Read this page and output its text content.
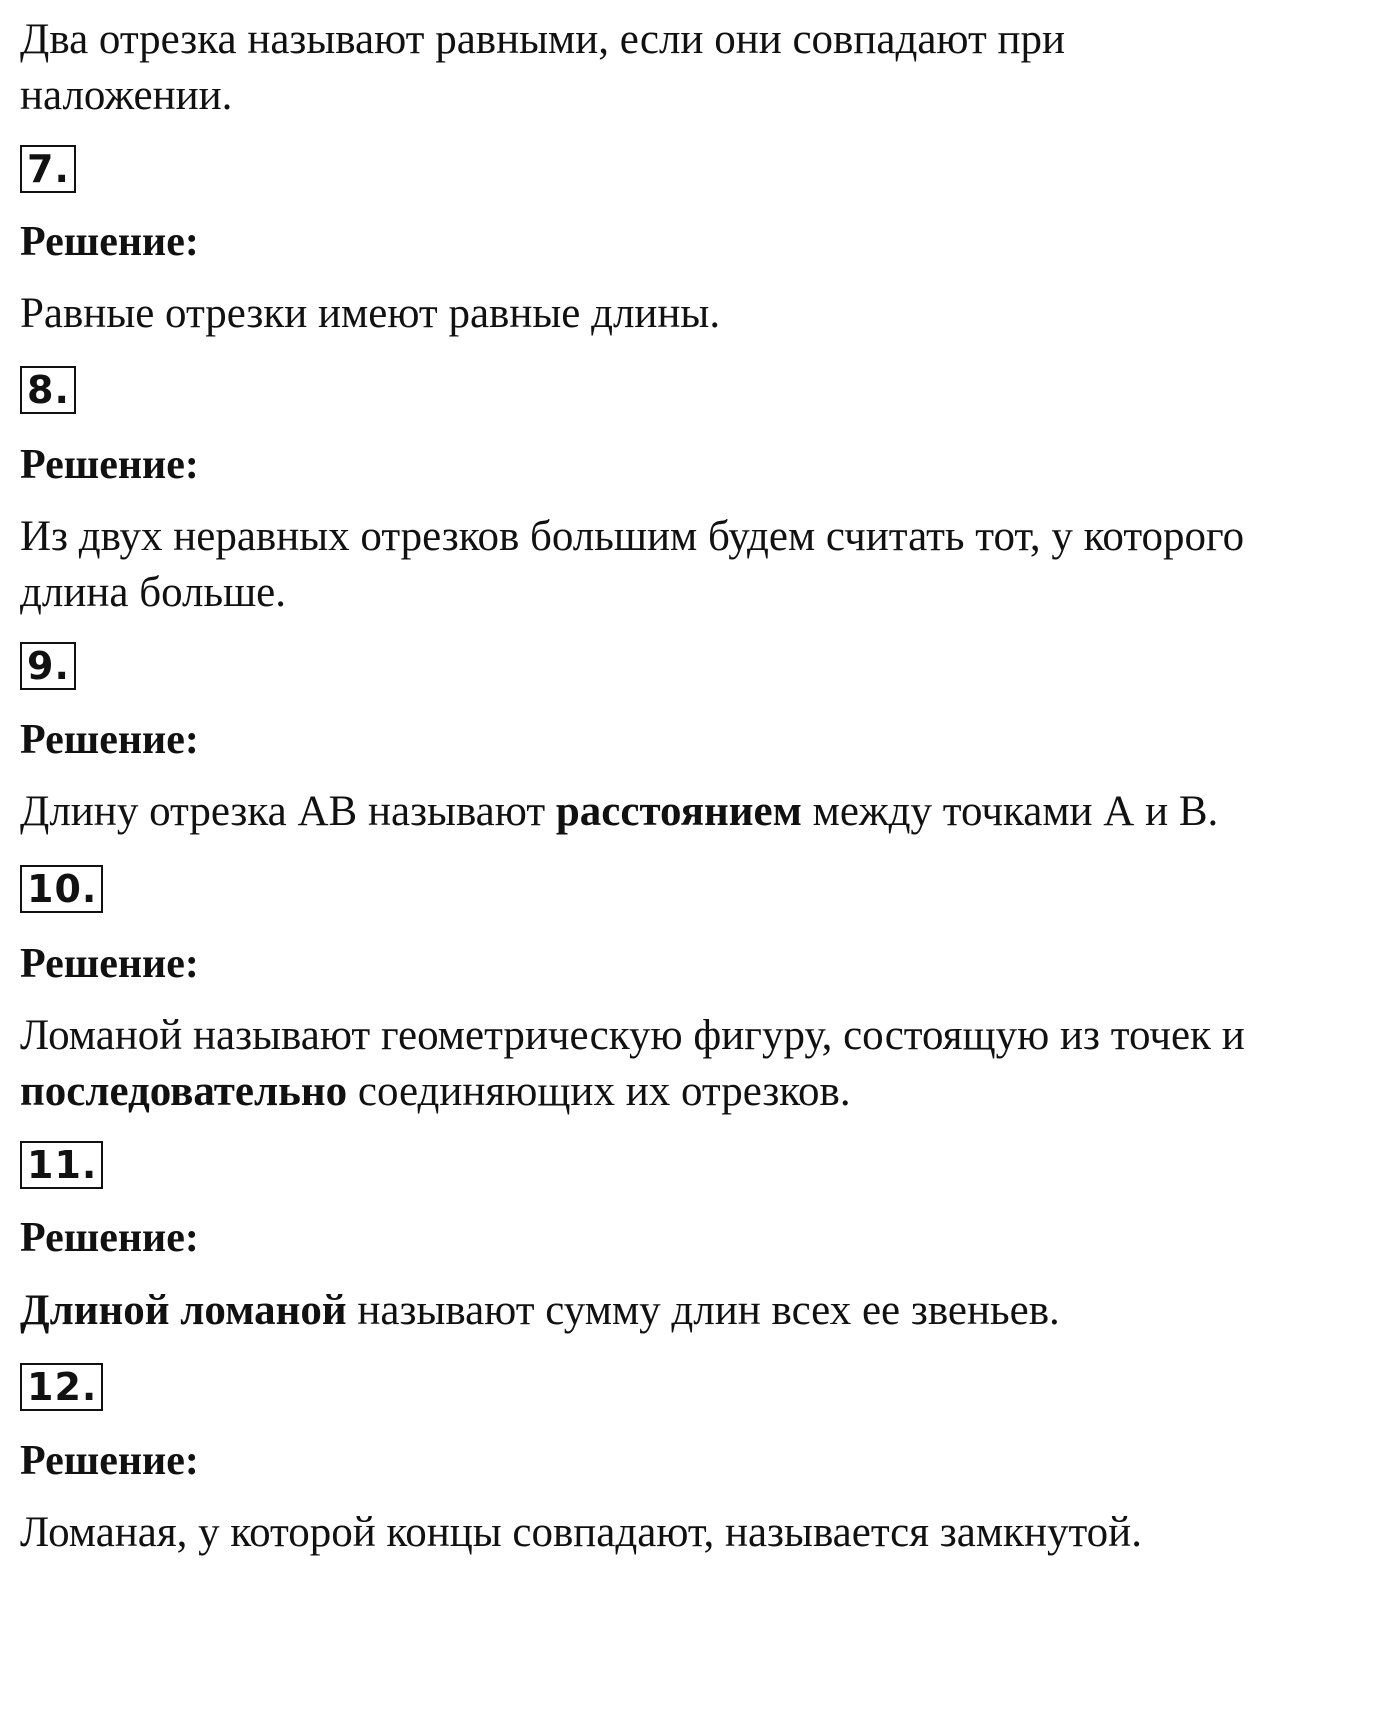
Два отрезка называют равными, если они совпадают при наложении.

7.

Решение:

Равные отрезки имеют равные длины.

8.

Решение:

Из двух неравных отрезков большим будем считать тот, у которого длина больше.

9.

Решение:

Длину отрезка АВ называют расстоянием между точками А и В.

10.

Решение:

Ломаной называют геометрическую фигуру, состоящую из точек и последовательно соединяющих их отрезков.

11.

Решение:

Длиной ломаной называют сумму длин всех ее звеньев.

12.

Решение:

Ломаная, у которой концы совпадают, называется замкнутой.
